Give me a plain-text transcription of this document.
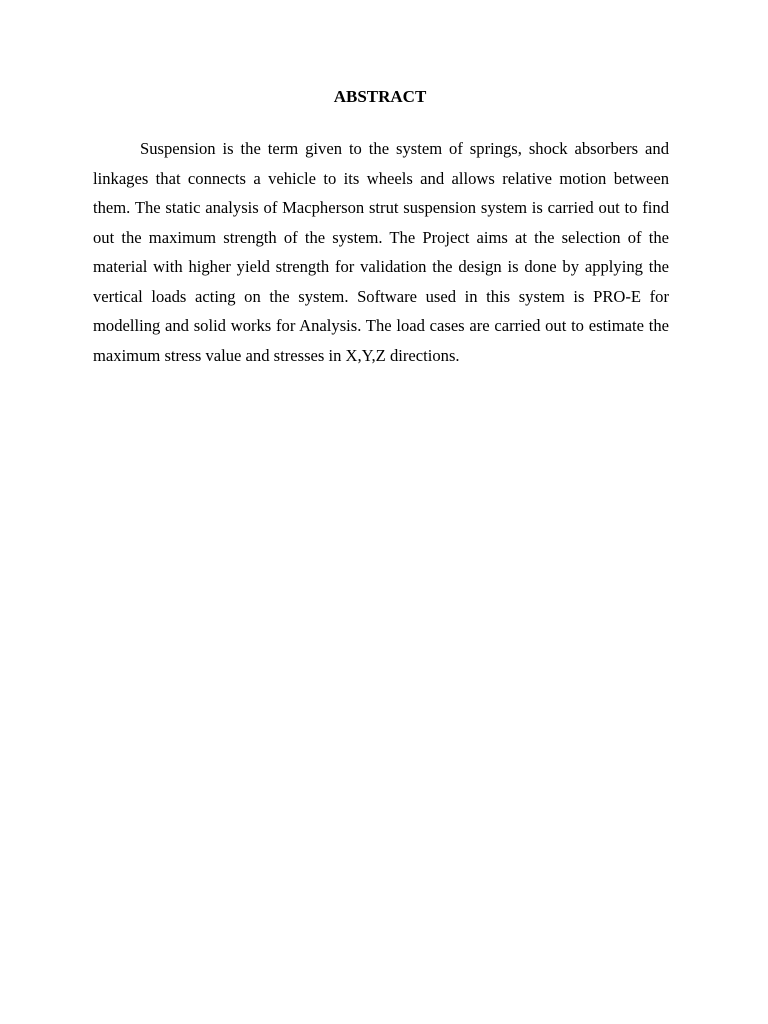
ABSTRACT

Suspension is the term given to the system of springs, shock absorbers and linkages that connects a vehicle to its wheels and allows relative motion between them. The static analysis of Macpherson strut suspension system is carried out to find out the maximum strength of the system. The Project aims at the selection of the material with higher yield strength for validation the design is done by applying the vertical loads acting on the system. Software used in this system is PRO-E for modelling and solid works for Analysis. The load cases are carried out to estimate the maximum stress value and stresses in X,Y,Z directions.
